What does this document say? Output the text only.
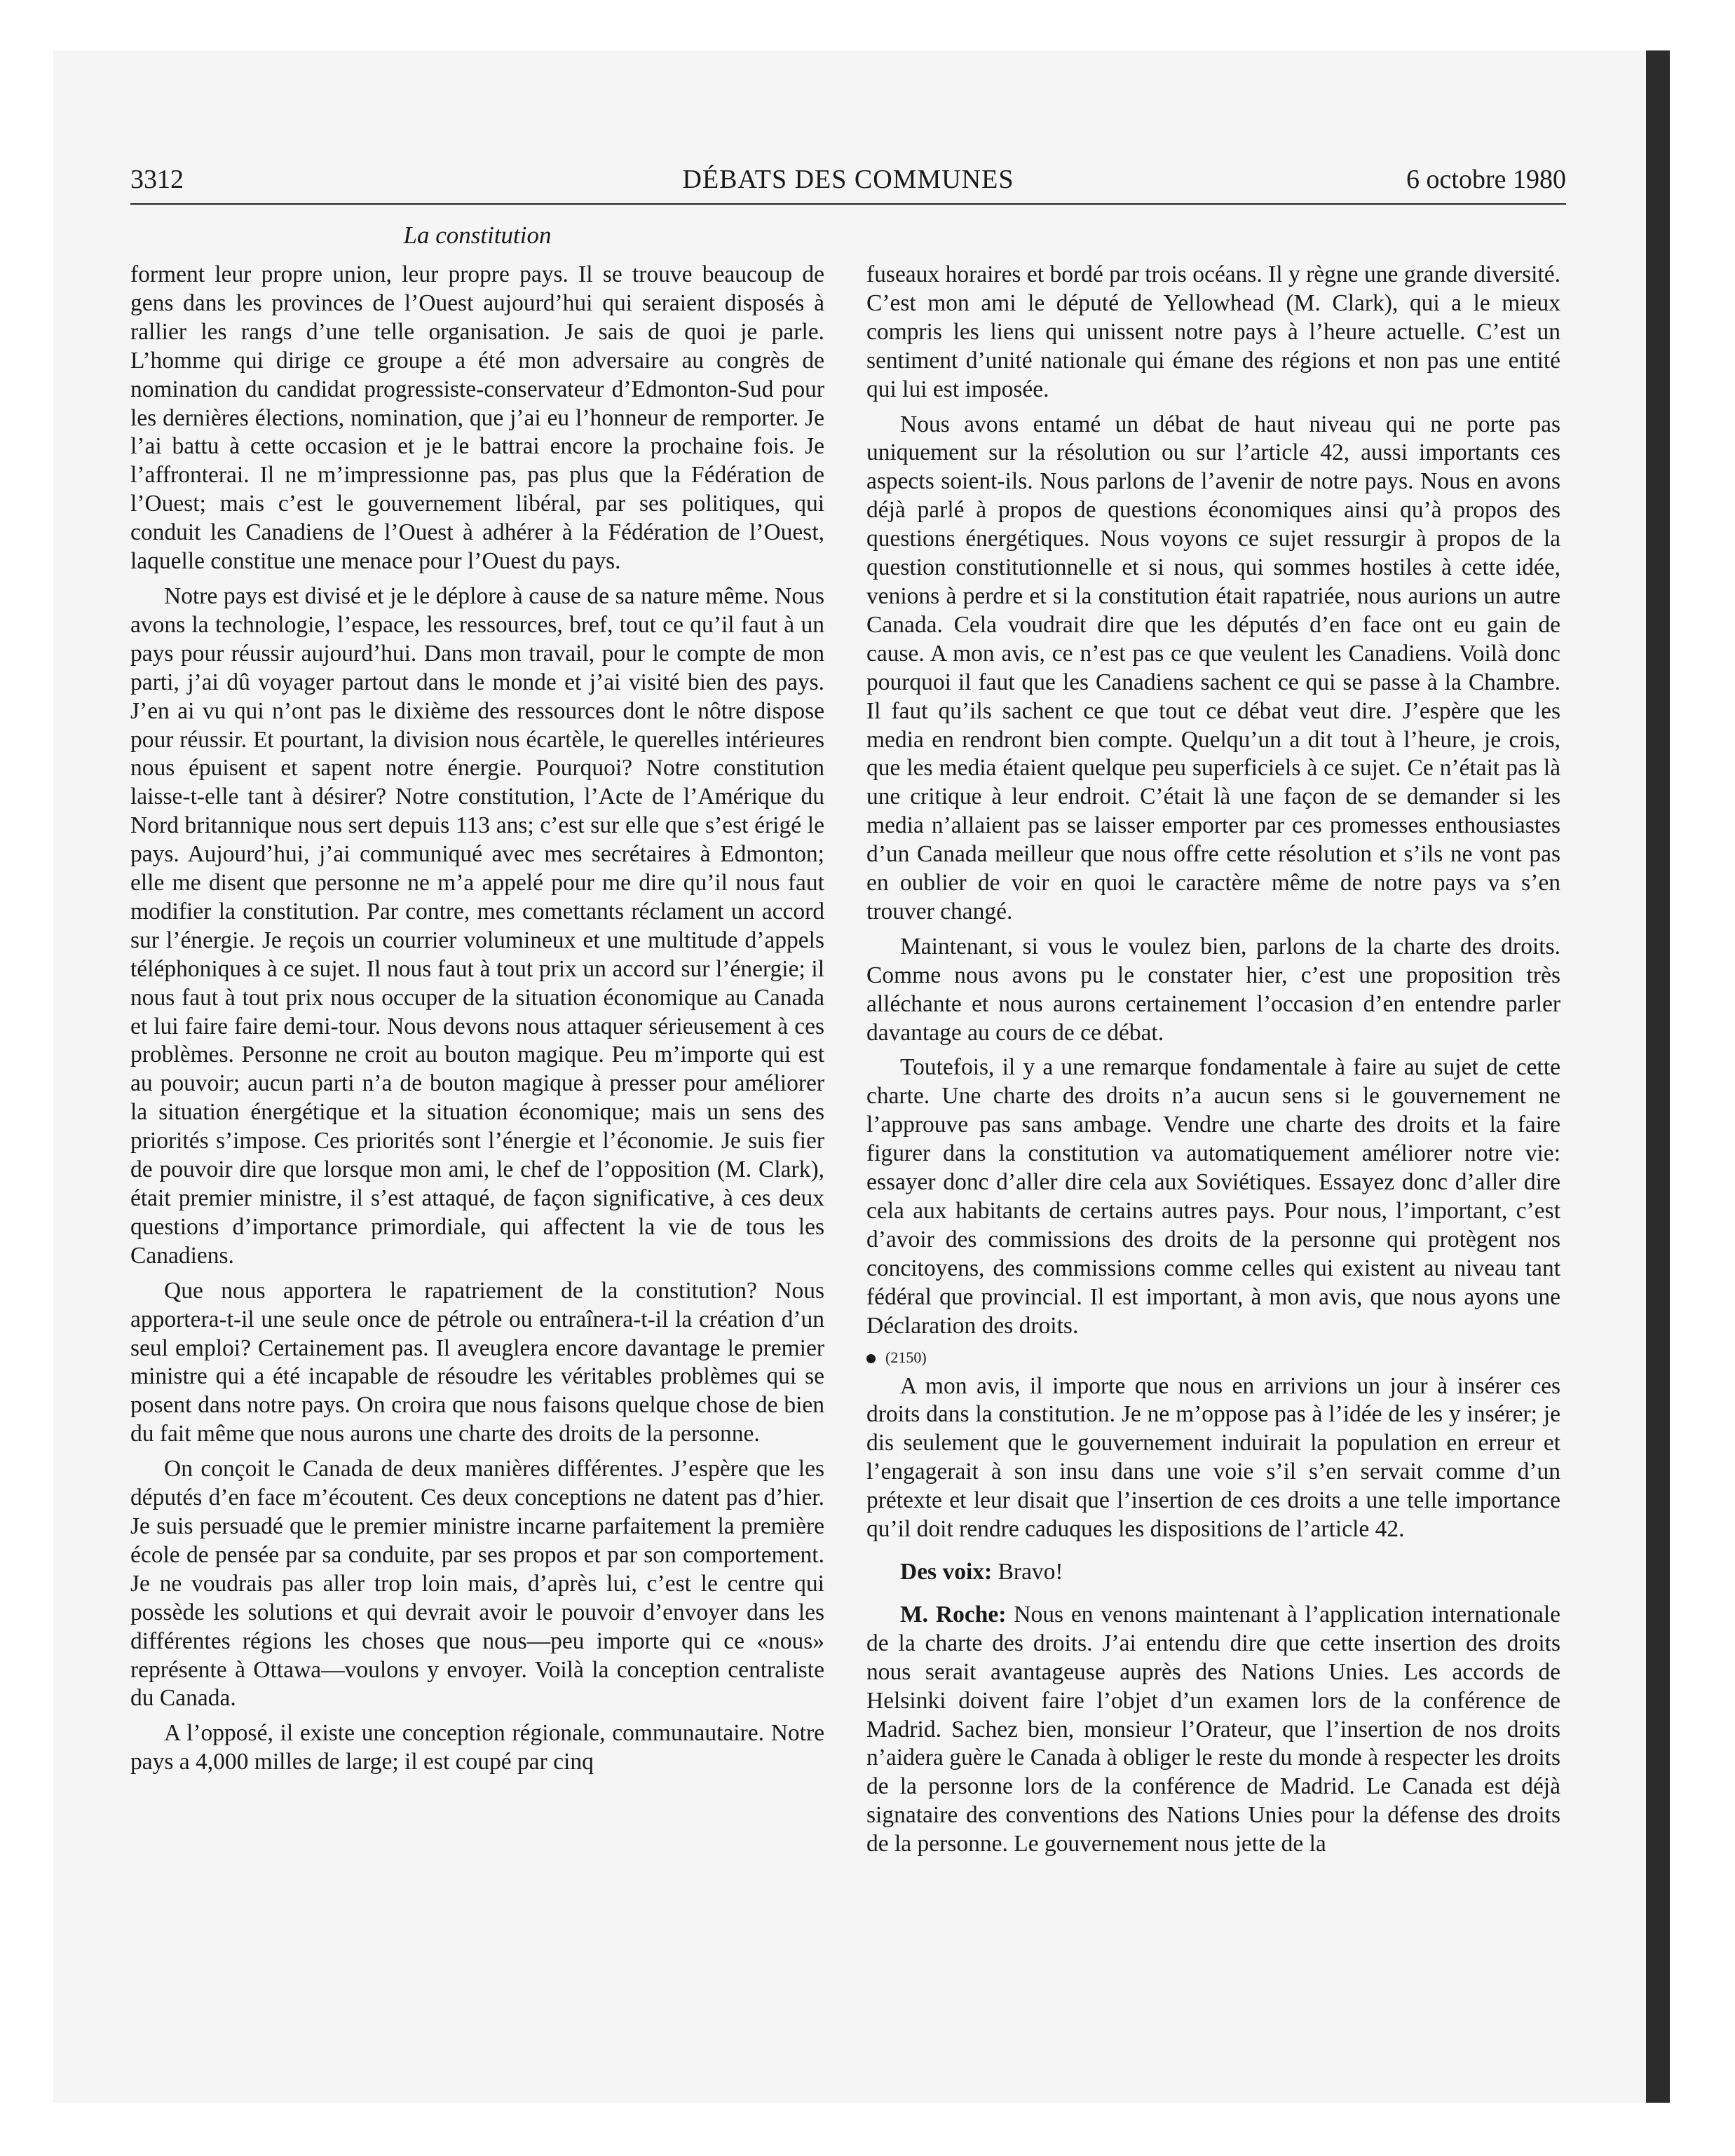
3312	DÉBATS DES COMMUNES	6 octobre 1980
La constitution

forment leur propre union, leur propre pays. Il se trouve beaucoup de gens dans les provinces de l’Ouest aujourd’hui qui seraient disposés à rallier les rangs d’une telle organisation. Je sais de quoi je parle. L’homme qui dirige ce groupe a été mon adversaire au congrès de nomination du candidat progressiste-conservateur d’Edmonton-Sud pour les dernières élections, nomination, que j’ai eu l’honneur de remporter. Je l’ai battu à cette occasion et je le battrai encore la prochaine fois. Je l’affronterai. Il ne m’impressionne pas, pas plus que la Fédération de l’Ouest; mais c’est le gouvernement libéral, par ses politiques, qui conduit les Canadiens de l’Ouest à adhérer à la Fédération de l’Ouest, laquelle constitue une menace pour l’Ouest du pays.

Notre pays est divisé et je le déplore à cause de sa nature même. Nous avons la technologie, l’espace, les ressources, bref, tout ce qu’il faut à un pays pour réussir aujourd’hui. Dans mon travail, pour le compte de mon parti, j’ai dû voyager partout dans le monde et j’ai visité bien des pays. J’en ai vu qui n’ont pas le dixième des ressources dont le nôtre dispose pour réussir. Et pourtant, la division nous écartèle, le querelles intérieures nous épuisent et sapent notre énergie. Pourquoi? Notre constitution laisse-t-elle tant à désirer? Notre constitution, l’Acte de l’Amérique du Nord britannique nous sert depuis 113 ans; c’est sur elle que s’est érigé le pays. Aujourd’hui, j’ai communiqué avec mes secrétaires à Edmonton; elle me disent que personne ne m’a appelé pour me dire qu’il nous faut modifier la constitution. Par contre, mes comettants réclament un accord sur l’énergie. Je reçois un courrier volumineux et une multitude d’appels téléphoniques à ce sujet. Il nous faut à tout prix un accord sur l’énergie; il nous faut à tout prix nous occuper de la situation économique au Canada et lui faire faire demi-tour. Nous devons nous attaquer sérieusement à ces problèmes. Personne ne croit au bouton magique. Peu m’importe qui est au pouvoir; aucun parti n’a de bouton magique à presser pour améliorer la situation énergétique et la situation économique; mais un sens des priorités s’impose. Ces priorités sont l’énergie et l’économie. Je suis fier de pouvoir dire que lorsque mon ami, le chef de l’opposition (M. Clark), était premier ministre, il s’est attaqué, de façon significative, à ces deux questions d’importance primordiale, qui affectent la vie de tous les Canadiens.

Que nous apportera le rapatriement de la constitution? Nous apportera-t-il une seule once de pétrole ou entraînera-t-il la création d’un seul emploi? Certainement pas. Il aveuglera encore davantage le premier ministre qui a été incapable de résoudre les véritables problèmes qui se posent dans notre pays. On croira que nous faisons quelque chose de bien du fait même que nous aurons une charte des droits de la personne.

On conçoit le Canada de deux manières différentes. J’espère que les députés d’en face m’écoutent. Ces deux conceptions ne datent pas d’hier. Je suis persuadé que le premier ministre incarne parfaitement la première école de pensée par sa conduite, par ses propos et par son comportement. Je ne voudrais pas aller trop loin mais, d’après lui, c’est le centre qui possède les solutions et qui devrait avoir le pouvoir d’envoyer dans les différentes régions les choses que nous—peu importe qui ce «nous» représente à Ottawa—voulons y envoyer. Voilà la conception centraliste du Canada.

A l’opposé, il existe une conception régionale, communautaire. Notre pays a 4,000 milles de large; il est coupé par cinq

fuseaux horaires et bordé par trois océans. Il y règne une grande diversité. C’est mon ami le député de Yellowhead (M. Clark), qui a le mieux compris les liens qui unissent notre pays à l’heure actuelle. C’est un sentiment d’unité nationale qui émane des régions et non pas une entité qui lui est imposée.

Nous avons entamé un débat de haut niveau qui ne porte pas uniquement sur la résolution ou sur l’article 42, aussi importants ces aspects soient-ils. Nous parlons de l’avenir de notre pays. Nous en avons déjà parlé à propos de questions économiques ainsi qu’à propos des questions énergétiques. Nous voyons ce sujet ressurgir à propos de la question constitutionnelle et si nous, qui sommes hostiles à cette idée, venions à perdre et si la constitution était rapatriée, nous aurions un autre Canada. Cela voudrait dire que les députés d’en face ont eu gain de cause. A mon avis, ce n’est pas ce que veulent les Canadiens. Voilà donc pourquoi il faut que les Canadiens sachent ce qui se passe à la Chambre. Il faut qu’ils sachent ce que tout ce débat veut dire. J’espère que les media en rendront bien compte. Quelqu’un a dit tout à l’heure, je crois, que les media étaient quelque peu superficiels à ce sujet. Ce n’était pas là une critique à leur endroit. C’était là une façon de se demander si les media n’allaient pas se laisser emporter par ces promesses enthousiastes d’un Canada meilleur que nous offre cette résolution et s’ils ne vont pas en oublier de voir en quoi le caractère même de notre pays va s’en trouver changé.

Maintenant, si vous le voulez bien, parlons de la charte des droits. Comme nous avons pu le constater hier, c’est une proposition très alléchante et nous aurons certainement l’occasion d’en entendre parler davantage au cours de ce débat.

Toutefois, il y a une remarque fondamentale à faire au sujet de cette charte. Une charte des droits n’a aucun sens si le gouvernement ne l’approuve pas sans ambage. Vendre une charte des droits et la faire figurer dans la constitution va automatiquement améliorer notre vie: essayer donc d’aller dire cela aux Soviétiques. Essayez donc d’aller dire cela aux habitants de certains autres pays. Pour nous, l’important, c’est d’avoir des commissions des droits de la personne qui protègent nos concitoyens, des commissions comme celles qui existent au niveau tant fédéral que provincial. Il est important, à mon avis, que nous ayons une Déclaration des droits.

(2150)

A mon avis, il importe que nous en arrivions un jour à insérer ces droits dans la constitution. Je ne m’oppose pas à l’idée de les y insérer; je dis seulement que le gouvernement induirait la population en erreur et l’engagerait à son insu dans une voie s’il s’en servait comme d’un prétexte et leur disait que l’insertion de ces droits a une telle importance qu’il doit rendre caduques les dispositions de l’article 42.

Des voix: Bravo!

M. Roche: Nous en venons maintenant à l’application internationale de la charte des droits. J’ai entendu dire que cette insertion des droits nous serait avantageuse auprès des Nations Unies. Les accords de Helsinki doivent faire l’objet d’un examen lors de la conférence de Madrid. Sachez bien, monsieur l’Orateur, que l’insertion de nos droits n’aidera guère le Canada à obliger le reste du monde à respecter les droits de la personne lors de la conférence de Madrid. Le Canada est déjà signataire des conventions des Nations Unies pour la défense des droits de la personne. Le gouvernement nous jette de la
